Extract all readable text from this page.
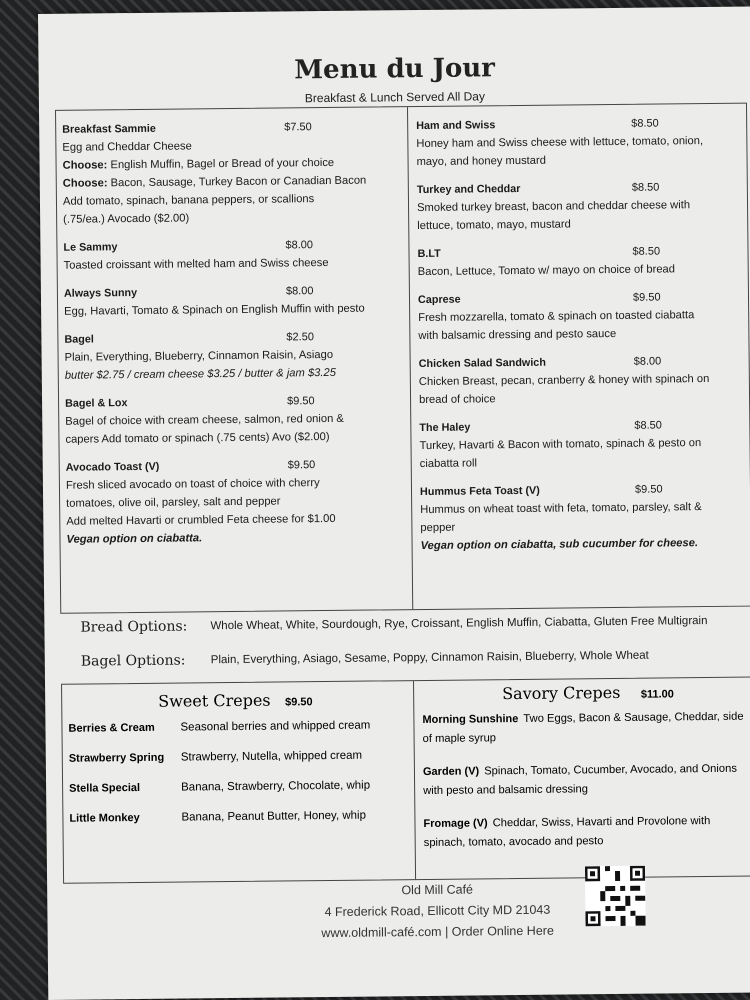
Menu du Jour
Breakfast & Lunch Served All Day
Breakfast Sammie	$7.50
Egg and Cheddar Cheese
Choose: English Muffin, Bagel or Bread of your choice
Choose: Bacon, Sausage, Turkey Bacon or Canadian Bacon
Add tomato, spinach, banana peppers, or scallions
(.75/ea.) Avocado ($2.00)
Le Sammy	$8.00
Toasted croissant with melted ham and Swiss cheese
Always Sunny	$8.00
Egg, Havarti, Tomato & Spinach on English Muffin with pesto
Bagel	$2.50
Plain, Everything, Blueberry, Cinnamon Raisin, Asiago
butter $2.75 / cream cheese $3.25 / butter & jam $3.25
Bagel & Lox	$9.50
Bagel of choice with cream cheese, salmon, red onion &
capers Add tomato or spinach (.75 cents) Avo ($2.00)
Avocado Toast (V)	$9.50
Fresh sliced avocado on toast of choice with cherry
tomatoes, olive oil, parsley, salt and pepper
Add melted Havarti or crumbled Feta cheese for $1.00
Vegan option on ciabatta.
Ham and Swiss	$8.50
Honey ham and Swiss cheese with lettuce, tomato, onion,
mayo, and honey mustard
Turkey and Cheddar	$8.50
Smoked turkey breast, bacon and cheddar cheese with
lettuce, tomato, mayo, mustard
B.LT	$8.50
Bacon, Lettuce, Tomato w/ mayo on choice of bread
Caprese	$9.50
Fresh mozzarella, tomato & spinach on toasted ciabatta
with balsamic dressing and pesto sauce
Chicken Salad Sandwich	$8.00
Chicken Breast, pecan, cranberry & honey with spinach on
bread of choice
The Haley	$8.50
Turkey, Havarti & Bacon with tomato, spinach & pesto on
ciabatta roll
Hummus Feta Toast (V)	$9.50
Hummus on wheat toast with feta, tomato, parsley, salt &
pepper
Vegan option on ciabatta, sub cucumber for cheese.
Bread Options:	Whole Wheat, White, Sourdough, Rye, Croissant, English Muffin, Ciabatta, Gluten Free Multigrain
Bagel Options:	Plain, Everything, Asiago, Sesame, Poppy, Cinnamon Raisin, Blueberry, Whole Wheat
Sweet Crepes $9.50
Berries & Cream	Seasonal berries and whipped cream
Strawberry Spring	Strawberry, Nutella, whipped cream
Stella Special	Banana, Strawberry, Chocolate, whip
Little Monkey	Banana, Peanut Butter, Honey, whip
Savory Crepes $11.00
Morning Sunshine Two Eggs, Bacon & Sausage, Cheddar, side of maple syrup
Garden (V) Spinach, Tomato, Cucumber, Avocado, and Onions with pesto and balsamic dressing
Fromage (V) Cheddar, Swiss, Havarti and Provolone with spinach, tomato, avocado and pesto
Old Mill Café
4 Frederick Road, Ellicott City MD 21043
www.oldmill-café.com | Order Online Here
